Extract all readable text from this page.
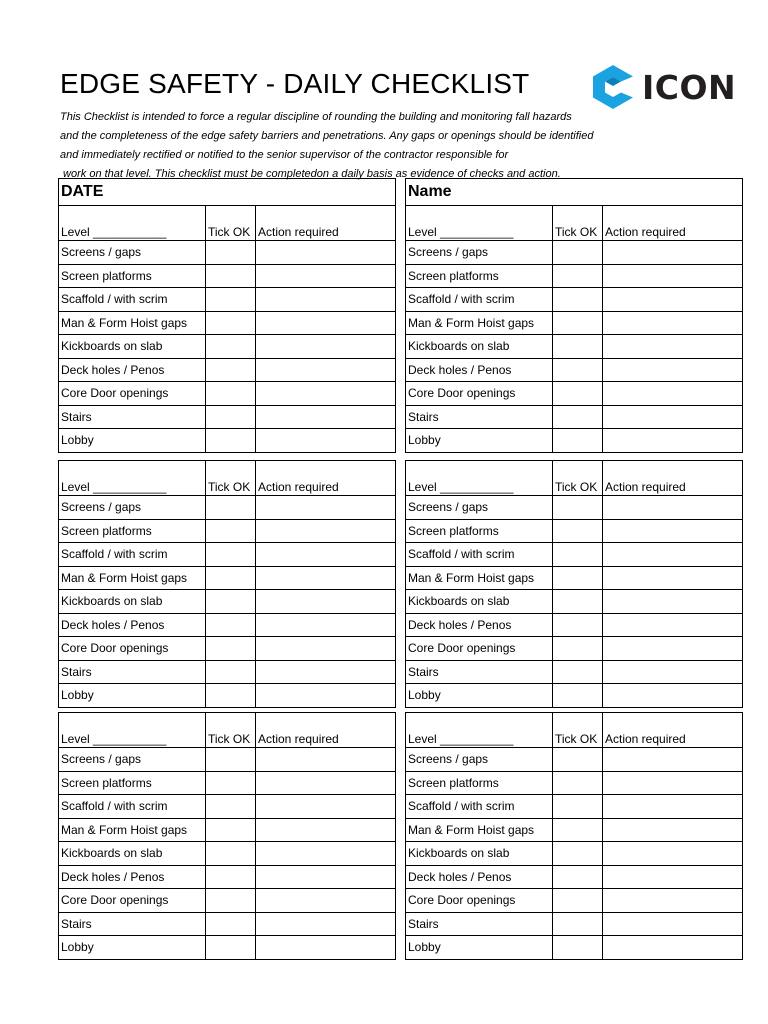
EDGE SAFETY - DAILY CHECKLIST	ICON
This Checklist is intended to force a regular discipline of rounding the building and monitoring fall hazards
and the completeness of the edge safety barriers and penetrations. Any gaps or openings should be identified
and immediately rectified or notified to the senior supervisor of the contractor responsible for
work on that level. This checklist must be completedon a daily basis as evidence of checks and action.
DATE		
Level ___________	Tick OK	Action required
Screens / gaps		
Screen platforms		
Scaffold / with scrim		
Man & Form Hoist gaps		
Kickboards on slab		
Deck holes / Penos		
Core Door openings		
Stairs		
Lobby		
Name		
Level ___________	Tick OK	Action required
Screens / gaps		
Screen platforms		
Scaffold / with scrim		
Man & Form Hoist gaps		
Kickboards on slab		
Deck holes / Penos		
Core Door openings		
Stairs		
Lobby		
Level ___________	Tick OK	Action required
Screens / gaps		
Screen platforms		
Scaffold / with scrim		
Man & Form Hoist gaps		
Kickboards on slab		
Deck holes / Penos		
Core Door openings		
Stairs		
Lobby		
Level ___________	Tick OK	Action required
Screens / gaps		
Screen platforms		
Scaffold / with scrim		
Man & Form Hoist gaps		
Kickboards on slab		
Deck holes / Penos		
Core Door openings		
Stairs		
Lobby		
Level ___________	Tick OK	Action required
Screens / gaps		
Screen platforms		
Scaffold / with scrim		
Man & Form Hoist gaps		
Kickboards on slab		
Deck holes / Penos		
Core Door openings		
Stairs		
Lobby		
Level ___________	Tick OK	Action required
Screens / gaps		
Screen platforms		
Scaffold / with scrim		
Man & Form Hoist gaps		
Kickboards on slab		
Deck holes / Penos		
Core Door openings		
Stairs		
Lobby		
